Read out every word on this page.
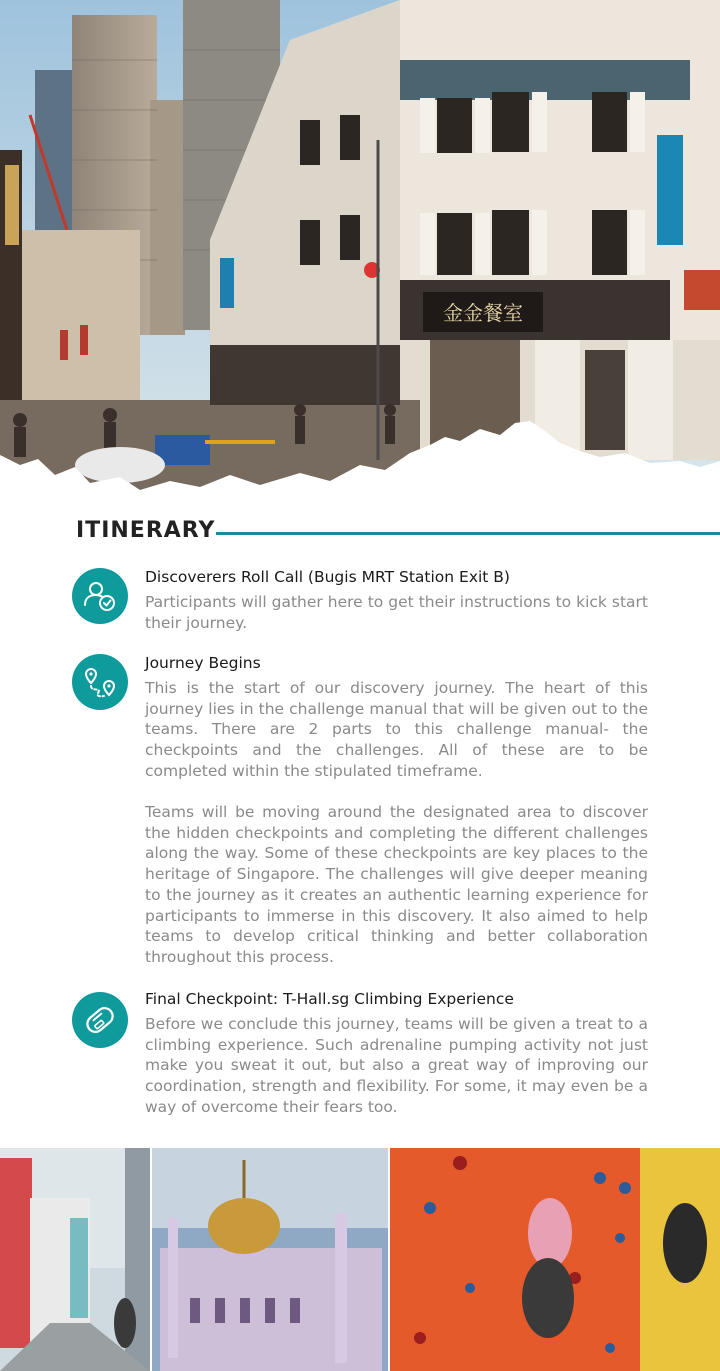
金金餐室
ITINERARY
Discoverers Roll Call (Bugis MRT Station Exit B)

Participants will gather here to get their instructions to kick start their journey.

Journey Begins

This is the start of our discovery journey. The heart of this journey lies in the challenge manual that will be given out to the teams. There are 2 parts to this challenge manual- the checkpoints and the challenges. All of these are to be completed within the stipulated timeframe.

Teams will be moving around the designated area to discover the hidden checkpoints and completing the different challenges along the way. Some of these checkpoints are key places to the heritage of Singapore. The challenges will give deeper meaning to the journey as it creates an authentic learning experience for participants to immerse in this discovery. It also aimed to help teams to develop critical thinking and better collaboration throughout this process.

Final Checkpoint: T-Hall.sg Climbing Experience

Before we conclude this journey, teams will be given a treat to a climbing experience. Such adrenaline pumping activity not just make you sweat it out, but also a great way of improving our coordination, strength and flexibility. For some, it may even be a way of overcome their fears too.
